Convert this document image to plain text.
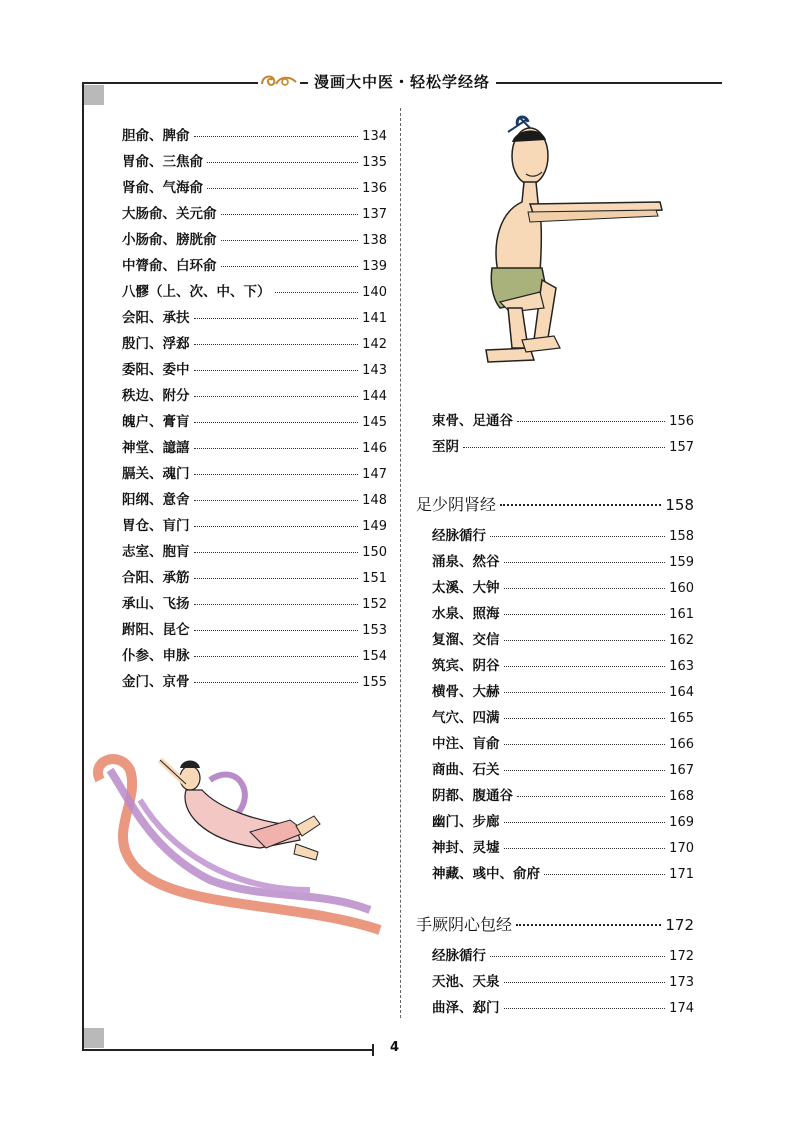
漫画大中医・轻松学经络
胆俞、脾俞	134
胃俞、三焦俞	135
肾俞、气海俞	136
大肠俞、关元俞	137
小肠俞、膀胱俞	138
中膂俞、白环俞	139
八髎（上、次、中、下）	140
会阳、承扶	141
殷门、浮郄	142
委阳、委中	143
秩边、附分	144
魄户、膏肓	145
神堂、譩譆	146
膈关、魂门	147
阳纲、意舍	148
胃仓、肓门	149
志室、胞肓	150
合阳、承筋	151
承山、飞扬	152
跗阳、昆仑	153
仆参、申脉	154
金门、京骨	155
束骨、足通谷	156
至阴	157
足少阴肾经	158
经脉循行	158
涌泉、然谷	159
太溪、大钟	160
水泉、照海	161
复溜、交信	162
筑宾、阴谷	163
横骨、大赫	164
气穴、四满	165
中注、肓俞	166
商曲、石关	167
阴都、腹通谷	168
幽门、步廊	169
神封、灵墟	170
神藏、彧中、俞府	171
手厥阴心包经	172
经脉循行	172
天池、天泉	173
曲泽、郄门	174
4
